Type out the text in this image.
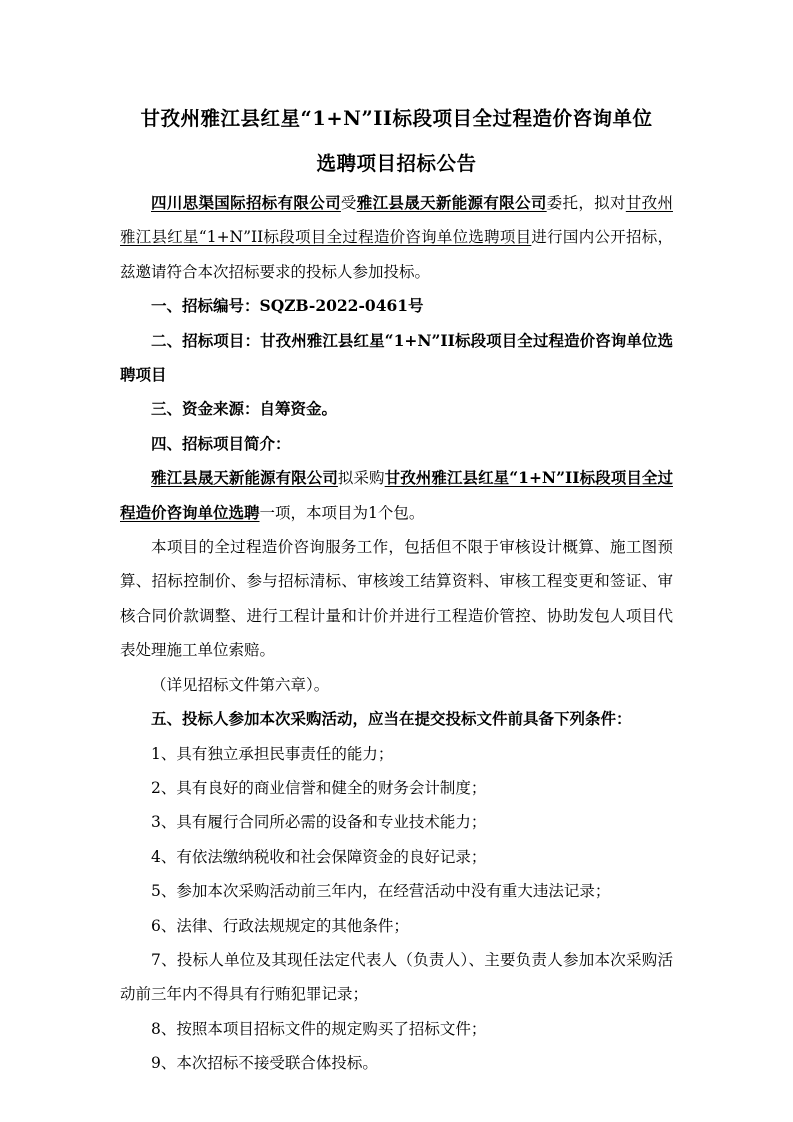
甘孜州雅江县红星“1+N”II标段项目全过程造价咨询单位
选聘项目招标公告

四川思渠国际招标有限公司受雅江县晟天新能源有限公司委托，拟对甘孜州雅江县红星“1+N”II标段项目全过程造价咨询单位选聘项目进行国内公开招标，兹邀请符合本次招标要求的投标人参加投标。

一、招标编号：SQZB-2022-0461号

二、招标项目：甘孜州雅江县红星“1+N”II标段项目全过程造价咨询单位选聘项目

三、资金来源：自筹资金。

四、招标项目简介：

雅江县晟天新能源有限公司拟采购甘孜州雅江县红星“1+N”II标段项目全过程造价咨询单位选聘一项，本项目为1个包。

本项目的全过程造价咨询服务工作，包括但不限于审核设计概算、施工图预算、招标控制价、参与招标清标、审核竣工结算资料、审核工程变更和签证、审核合同价款调整、进行工程计量和计价并进行工程造价管控、协助发包人项目代表处理施工单位索赔。

（详见招标文件第六章）。

五、投标人参加本次采购活动，应当在提交投标文件前具备下列条件：

1、具有独立承担民事责任的能力；

2、具有良好的商业信誉和健全的财务会计制度；

3、具有履行合同所必需的设备和专业技术能力；

4、有依法缴纳税收和社会保障资金的良好记录；

5、参加本次采购活动前三年内，在经营活动中没有重大违法记录；

6、法律、行政法规规定的其他条件；

7、投标人单位及其现任法定代表人（负责人）、主要负责人参加本次采购活动前三年内不得具有行贿犯罪记录；

8、按照本项目招标文件的规定购买了招标文件；

9、本次招标不接受联合体投标。
